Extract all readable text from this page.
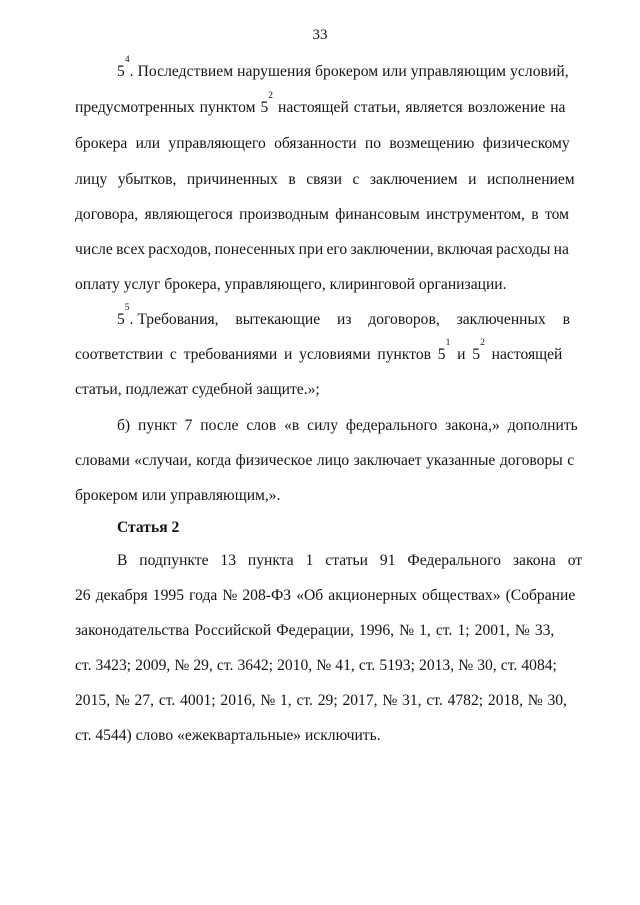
33
$5^4$. Последствием нарушения брокером или управляющим условий,
предусмотренных пунктом $5^2$ настоящей статьи, является возложение на
брокера или управляющего обязанности по возмещению физическому
лицу убытков, причиненных в связи с заключением и исполнением
договора, являющегося производным финансовым инструментом, в том
числе всех расходов, понесенных при его заключении, включая расходы на
оплату услуг брокера, управляющего, клиринговой организации.
$5^5$. Требования, вытекающие из договоров, заключенных в
соответствии с требованиями и условиями пунктов $5^1$ и $5^2$ настоящей
статьи, подлежат судебной защите.»;
б) пункт 7 после слов «в силу федерального закона,» дополнить
словами «случаи, когда физическое лицо заключает указанные договоры с
брокером или управляющим,».
Статья 2
В подпункте 13 пункта 1 статьи 91 Федерального закона от
26 декабря 1995 года № 208-ФЗ «Об акционерных обществах» (Собрание
законодательства Российской Федерации, 1996, № 1, ст. 1; 2001, № 33,
ст. 3423; 2009, № 29, ст. 3642; 2010, № 41, ст. 5193; 2013, № 30, ст. 4084;
2015, № 27, ст. 4001; 2016, № 1, ст. 29; 2017, № 31, ст. 4782; 2018, № 30,
ст. 4544) слово «ежеквартальные» исключить.
